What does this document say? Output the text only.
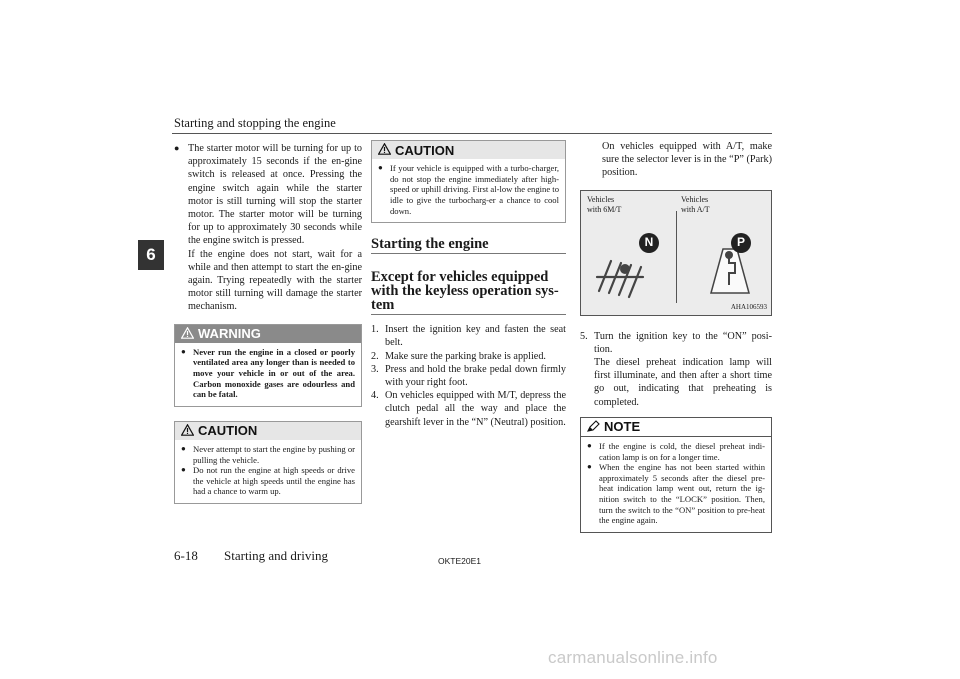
Starting and stopping the engine
6
● The starter motor will be turning for up to approximately 15 seconds if the en-gine switch is released at once. Pressing the engine switch again while the starter motor is still turning will stop the starter motor. The starter motor will be turning for up to approximately 30 seconds while the engine switch is pressed.
If the engine does not start, wait for a while and then attempt to start the en-gine again. Trying repeatedly with the starter motor still turning will damage the starter mechanism.
WARNING
● Never run the engine in a closed or poorly ventilated area any longer than is needed to move your vehicle in or out of the area. Carbon monoxide gases are odourless and can be fatal.
CAUTION
● Never attempt to start the engine by pushing or pulling the vehicle.
● Do not run the engine at high speeds or drive the vehicle at high speeds until the engine has had a chance to warm up.
CAUTION
● If your vehicle is equipped with a turbo-charger, do not stop the engine immediately after high-speed or uphill driving. First al-low the engine to idle to give the turbocharg-er a chance to cool down.
Starting the engine
Except for vehicles equipped with the keyless operation sys-tem
1. Insert the ignition key and fasten the seat belt.
2. Make sure the parking brake is applied.
3. Press and hold the brake pedal down firmly with your right foot.
4. On vehicles equipped with M/T, depress the clutch pedal all the way and place the gearshift lever in the “N” (Neutral) position.
On vehicles equipped with A/T, make sure the selector lever is in the “P” (Park) position.
Vehicles
with 6M/T
Vehicles
with A/T
N	P
AHA106593
5. Turn the ignition key to the “ON” posi-tion.
The diesel preheat indication lamp will first illuminate, and then after a short time go out, indicating that preheating is completed.
NOTE
● If the engine is cold, the diesel preheat indi-cation lamp is on for a longer time.
● When the engine has not been started within approximately 5 seconds after the diesel pre-heat indication lamp went out, return the ig-nition switch to the “LOCK” position. Then, turn the switch to the “ON” position to pre-heat the engine again.
6-18 Starting and driving	OKTE20E1
carmanualsonline.info
